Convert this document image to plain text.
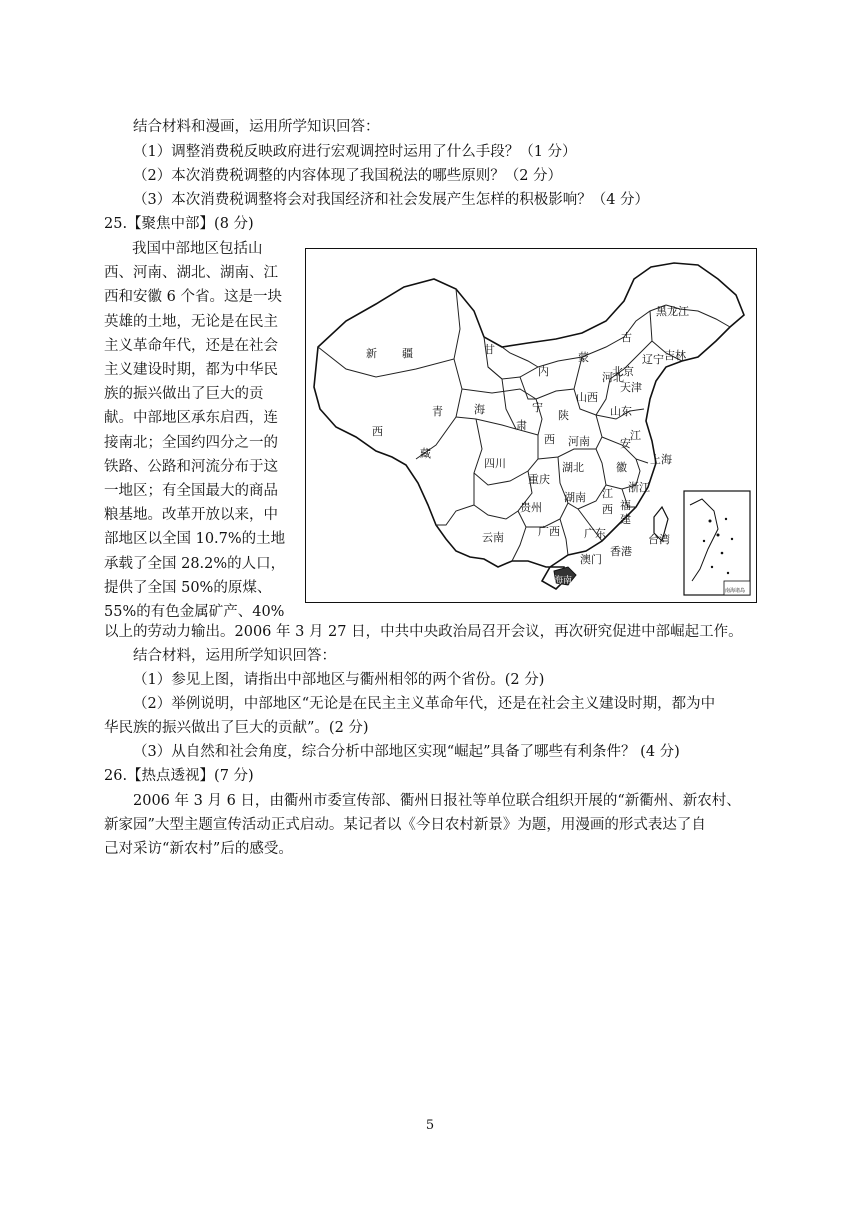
结合材料和漫画，运用所学知识回答：
（1）调整消费税反映政府进行宏观调控时运用了什么手段？（1 分）
（2）本次消费税调整的内容体现了我国税法的哪些原则？（2 分）
（3）本次消费税调整将会对我国经济和社会发展产生怎样的积极影响？（4 分）
25.【聚焦中部】(8 分)
我国中部地区包括山
西、河南、湖北、湖南、江
西和安徽 6 个省。这是一块
英雄的土地，无论是在民主
主义革命年代，还是在社会
主义建设时期，都为中华民
族的振兴做出了巨大的贡
献。中部地区承东启西，连
接南北；全国约四分之一的
铁路、公路和河流分布于这
一地区；有全国最大的商品
粮基地。改革开放以来，中
部地区以全国 10.7%的土地
承载了全国 28.2%的人口，
提供了全国 50%的原煤、
55%的有色金属矿产、40%
黑龙江
吉林
古
辽宁
新 疆
内
蒙
甘
北京
天津
宁
山西
河北
山东
青	海	陕
西
河南
西
藏
肃
四川	湖北
安
江
上海
徽
浙江
重庆
贵州
湖南 江
西 福
建
云南	广西 广东
香港
澳门
台湾
海南
南海诸岛
以上的劳动力输出。2006 年 3 月 27 日，中共中央政治局召开会议，再次研究促进中部崛起工作。
结合材料，运用所学知识回答：
（1）参见上图，请指出中部地区与衢州相邻的两个省份。(2 分)
（2）举例说明，中部地区“无论是在民主主义革命年代，还是在社会主义建设时期，都为中
华民族的振兴做出了巨大的贡献”。(2 分)
（3）从自然和社会角度，综合分析中部地区实现“崛起”具备了哪些有利条件？ (4 分)
26.【热点透视】(7 分)
2006 年 3 月 6 日，由衢州市委宣传部、衢州日报社等单位联合组织开展的“新衢州、新农村、
新家园”大型主题宣传活动正式启动。某记者以《今日农村新景》为题，用漫画的形式表达了自
己对采访“新农村”后的感受。
5
